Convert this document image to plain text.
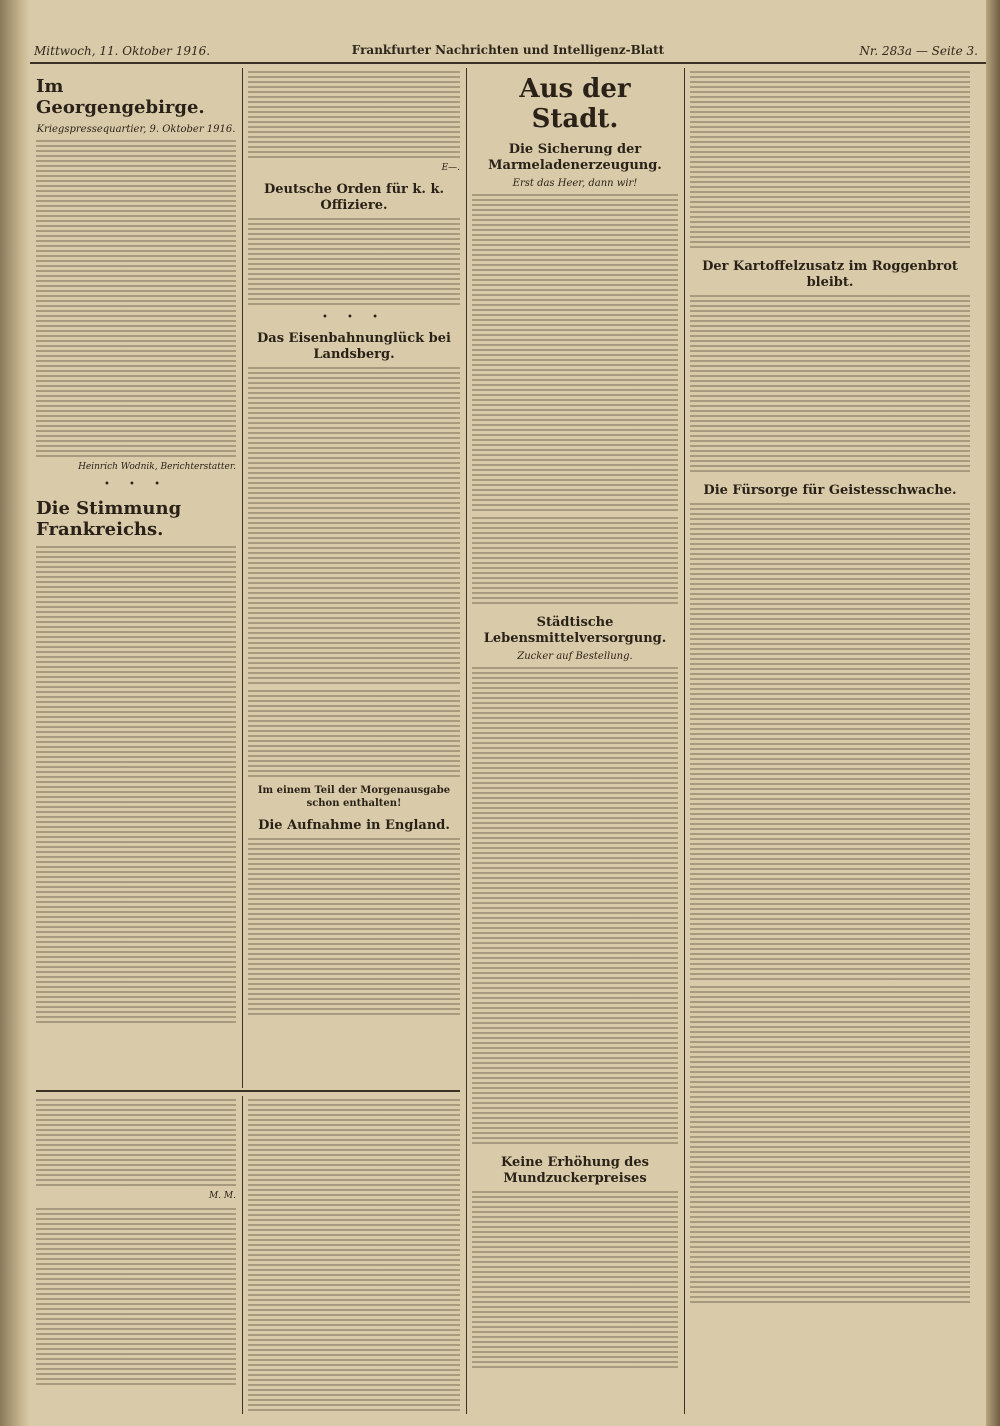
Mittwoch, 11. Oktober 1916.	Frankfurter Nachrichten und Intelligenz-Blatt	Nr. 283a — Seite 3.
Im Georgengebirge.
Kriegspressequartier, 9. Oktober 1916.
Heinrich Wodnik, Berichterstatter.
• • •
Die Stimmung Frankreichs.
E—.
Deutsche Orden für k. k. Offiziere.
• • •
Das Eisenbahnunglück bei Landsberg.
Im einem Teil der Morgenausgabe schon enthalten!
Die Aufnahme in England.
M. M.
Aus der Stadt.
Die Sicherung der Marmeladenerzeugung.
Erst das Heer, dann wir!
Städtische Lebensmittelversorgung.
Zucker auf Bestellung.
Keine Erhöhung des Mundzuckerpreises
Der Kartoffelzusatz im Roggenbrot bleibt.
Die Fürsorge für Geistesschwache.
